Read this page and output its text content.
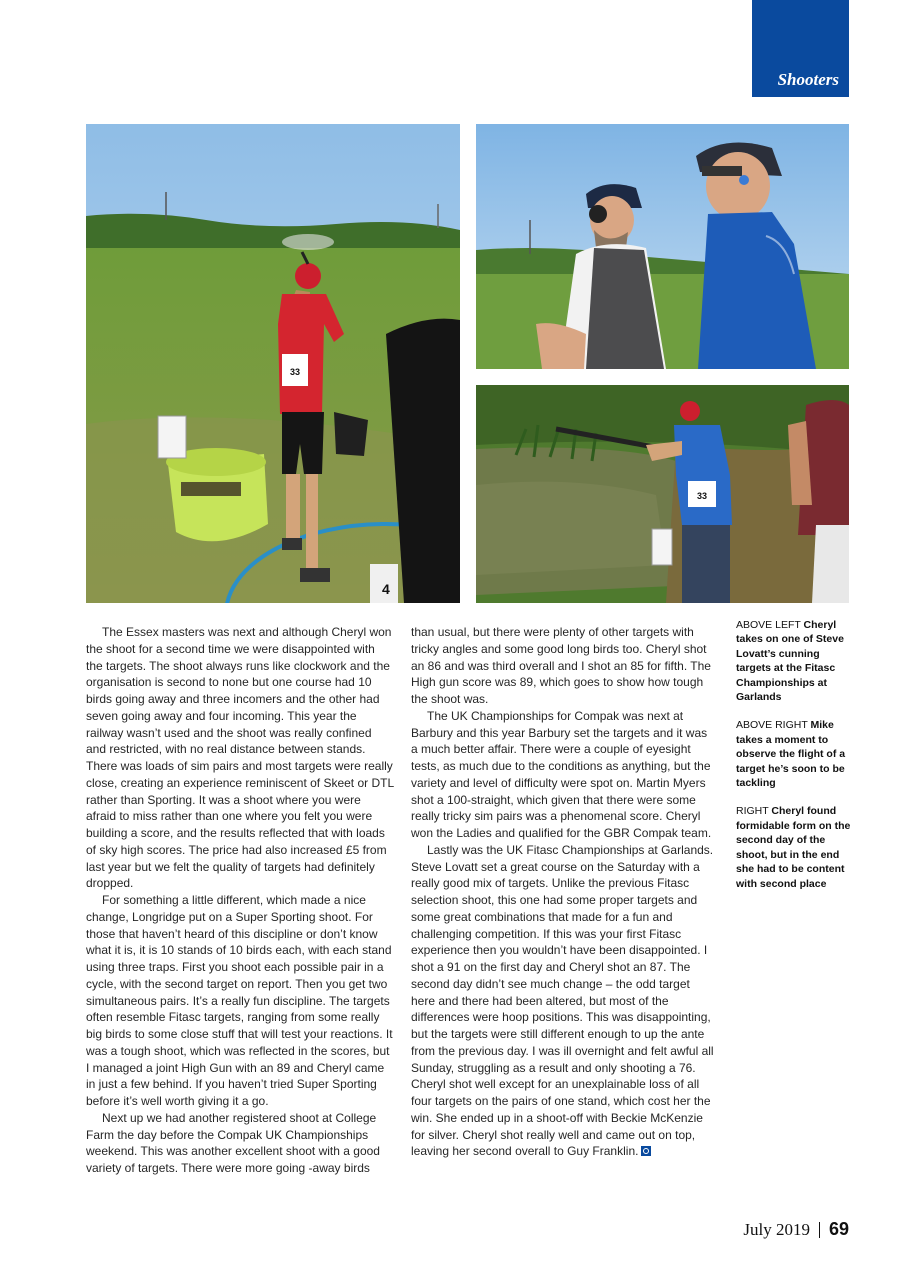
Shooters
33
4
33

The Essex masters was next and although Cheryl won the shoot for a second time we were disappointed with the targets. The shoot always runs like clockwork and the organisation is second to none but one course had 10 birds going away and three incomers and the other had seven going away and four incoming. This year the railway wasn’t used and the shoot was really confined and restricted, with no real distance between stands. There was loads of sim pairs and most targets were really close, creating an experience reminiscent of Skeet or DTL rather than Sporting. It was a shoot where you were afraid to miss rather than one where you felt you were building a score, and the results reflected that with loads of sky high scores. The price had also increased £5 from last year but we felt the quality of targets had definitely dropped.

For something a little different, which made a nice change, Longridge put on a Super Sporting shoot. For those that haven’t heard of this discipline or don’t know what it is, it is 10 stands of 10 birds each, with each stand using three traps. First you shoot each possible pair in a cycle, with the second target on report. Then you get two simultaneous pairs. It’s a really fun discipline. The targets often resemble Fitasc targets, ranging from some really big birds to some close stuff that will test your reactions. It was a tough shoot, which was reflected in the scores, but I managed a joint High Gun with an 89 and Cheryl came in just a few behind. If you haven’t tried Super Sporting before it’s well worth giving it a go.

Next up we had another registered shoot at College Farm the day before the Compak UK Championships weekend. This was another excellent shoot with a good variety of targets. There were more going -away birds

than usual, but there were plenty of other targets with tricky angles and some good long birds too. Cheryl shot an 86 and was third overall and I shot an 85 for fifth. The High gun score was 89, which goes to show how tough the shoot was.

The UK Championships for Compak was next at Barbury and this year Barbury set the targets and it was a much better affair. There were a couple of eyesight tests, as much due to the conditions as anything, but the variety and level of difficulty were spot on. Martin Myers shot a 100-straight, which given that there were some really tricky sim pairs was a phenomenal score. Cheryl won the Ladies and qualified for the GBR Compak team.

Lastly was the UK Fitasc Championships at Garlands. Steve Lovatt set a great course on the Saturday with a really good mix of targets. Unlike the previous Fitasc selection shoot, this one had some proper targets and some great combinations that made for a fun and challenging competition. If this was your first Fitasc experience then you wouldn’t have been disappointed. I shot a 91 on the first day and Cheryl shot an 87. The second day didn’t see much change – the odd target here and there had been altered, but most of the differences were hoop positions. This was disappointing, but the targets were still different enough to up the ante from the previous day. I was ill overnight and felt awful all Sunday, struggling as a result and only shooting a 76. Cheryl shot well except for an unexplainable loss of all four targets on the pairs of one stand, which cost her the win. She ended up in a shoot-off with Beckie McKenzie for silver. Cheryl shot really well and came out on top, leaving her second overall to Guy Franklin.

ABOVE LEFT Cheryl takes on one of Steve Lovatt’s cunning targets at the Fitasc Championships at Garlands

ABOVE RIGHT Mike takes a moment to observe the flight of a target he’s soon to be tackling

RIGHT Cheryl found formidable form on the second day of the shoot, but in the end she had to be content with second place

July 2019 69
